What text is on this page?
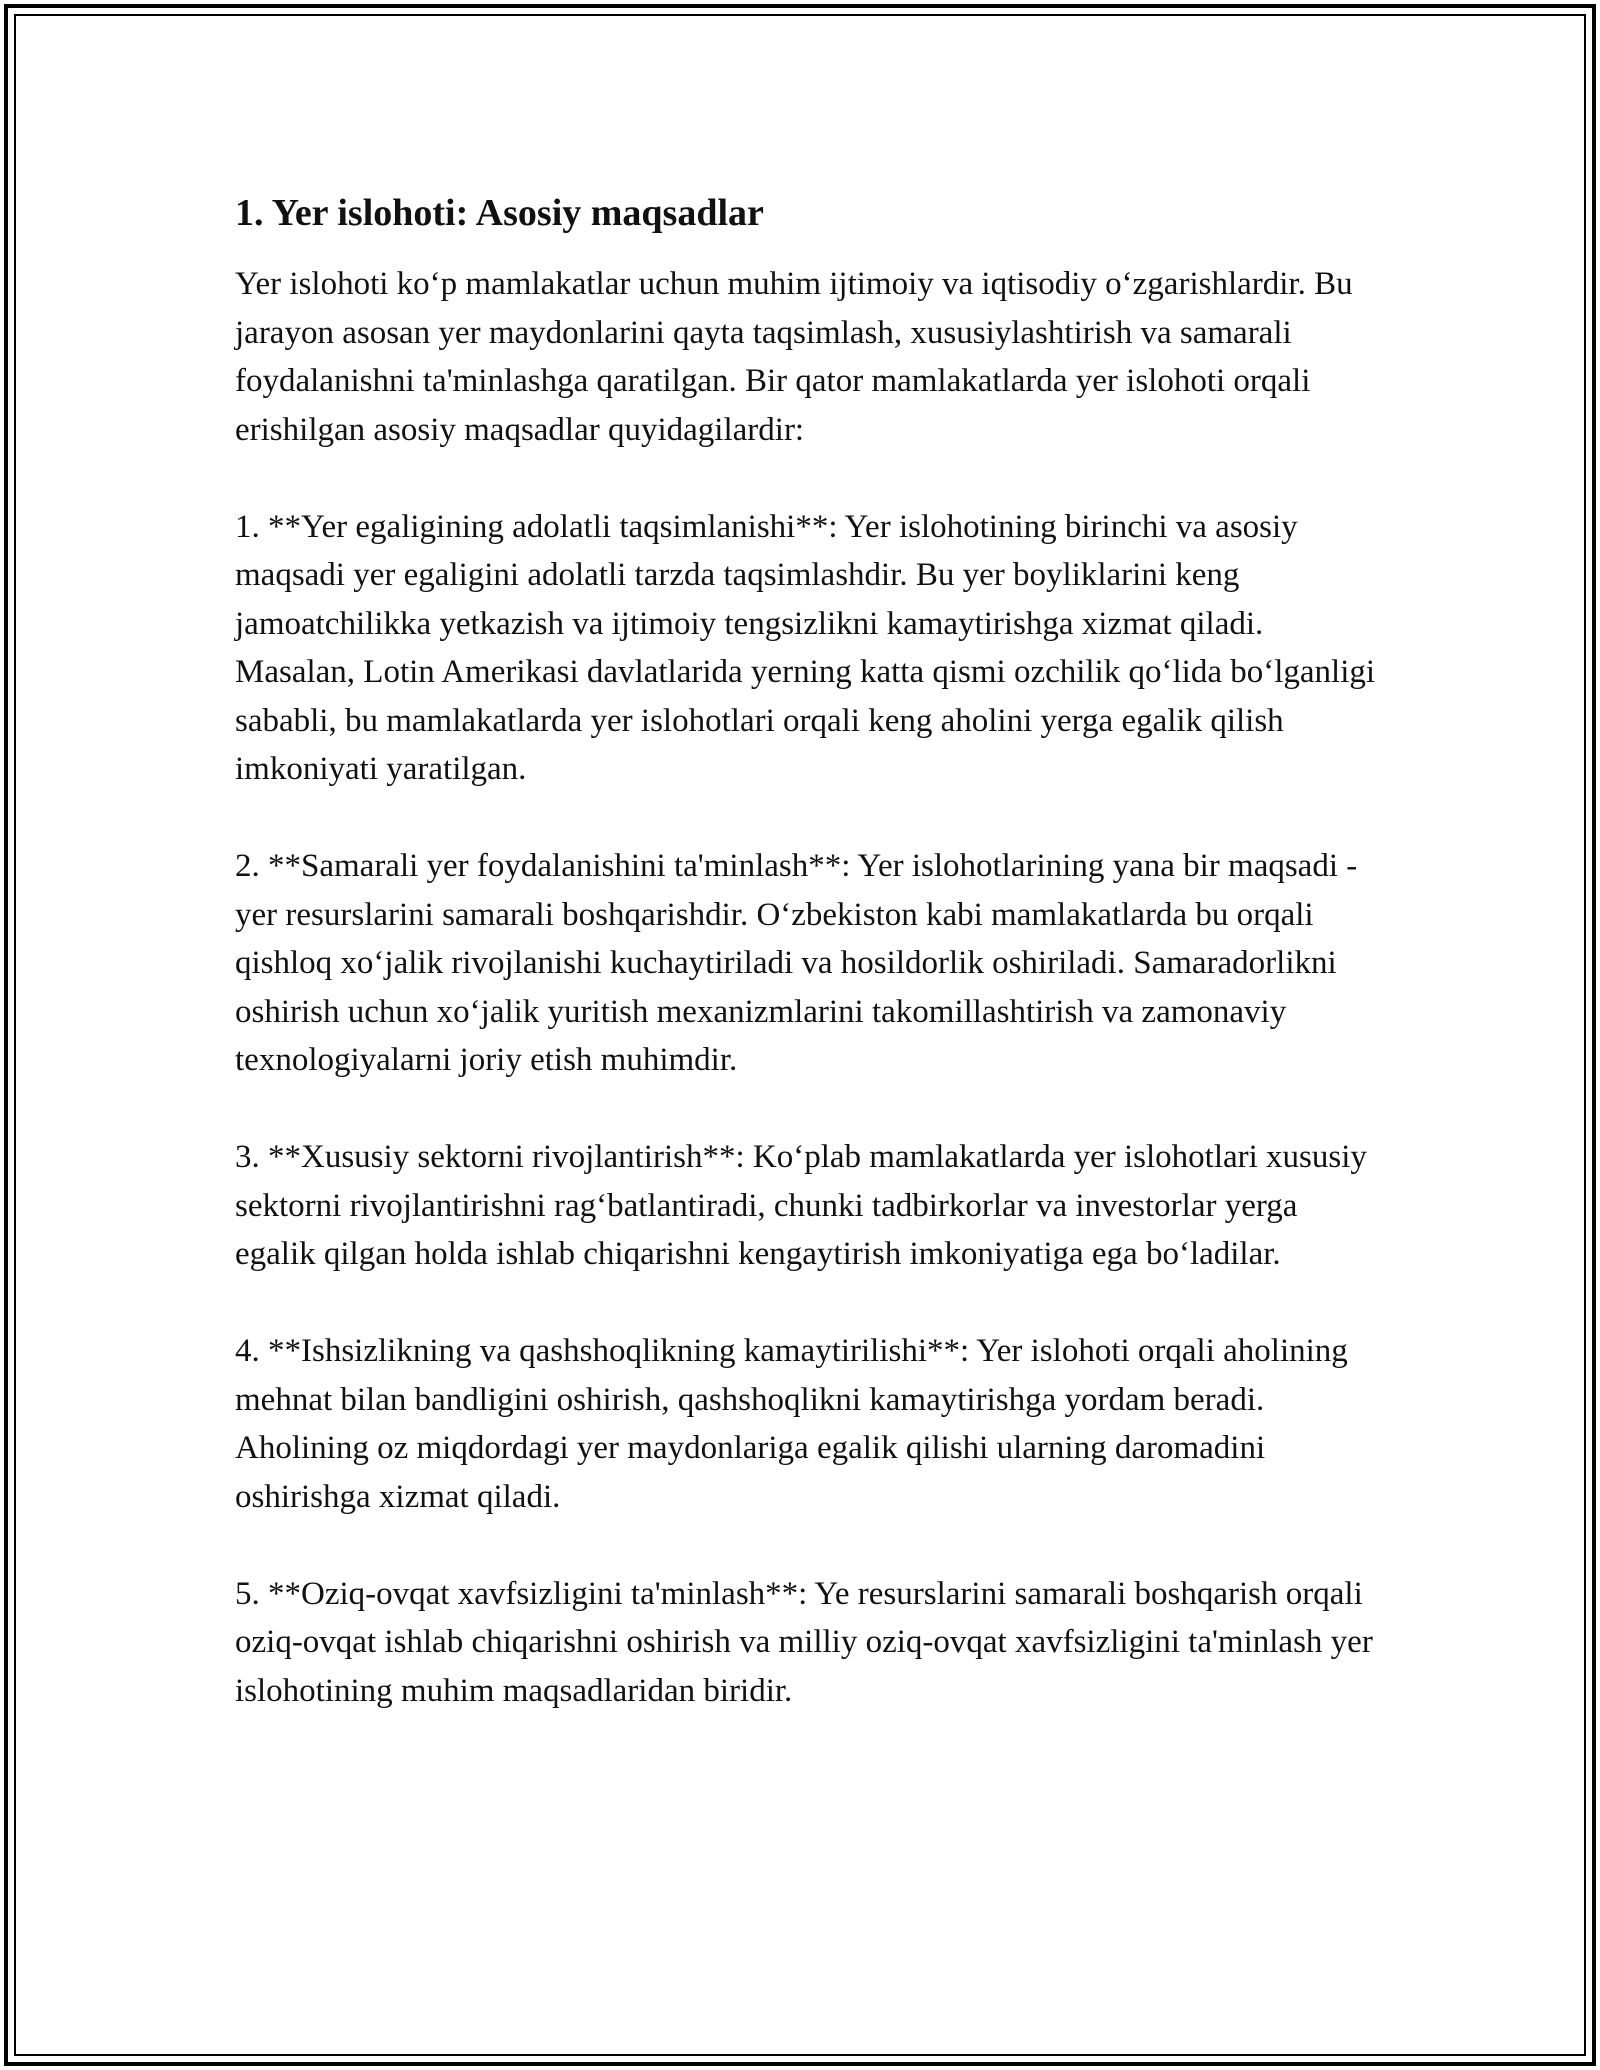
1. Yer islohoti: Asosiy maqsadlar

Yer islohoti ko‘p mamlakatlar uchun muhim ijtimoiy va iqtisodiy o‘zgarishlardir. Bu jarayon asosan yer maydonlarini qayta taqsimlash, xususiylashtirish va samarali foydalanishni ta'minlashga qaratilgan. Bir qator mamlakatlarda yer islohoti orqali erishilgan asosiy maqsadlar quyidagilardir:

1. **Yer egaligining adolatli taqsimlanishi**: Yer islohotining birinchi va asosiy maqsadi yer egaligini adolatli tarzda taqsimlashdir. Bu yer boyliklarini keng jamoatchilikka yetkazish va ijtimoiy tengsizlikni kamaytirishga xizmat qiladi. Masalan, Lotin Amerikasi davlatlarida yerning katta qismi ozchilik qo‘lida bo‘lganligi sababli, bu mamlakatlarda yer islohotlari orqali keng aholini yerga egalik qilish imkoniyati yaratilgan.

2. **Samarali yer foydalanishini ta'minlash**: Yer islohotlarining yana bir maqsadi - yer resurslarini samarali boshqarishdir. O‘zbekiston kabi mamlakatlarda bu orqali qishloq xo‘jalik rivojlanishi kuchaytiriladi va hosildorlik oshiriladi. Samaradorlikni oshirish uchun xo‘jalik yuritish mexanizmlarini takomillashtirish va zamonaviy texnologiyalarni joriy etish muhimdir.

3. **Xususiy sektorni rivojlantirish**: Ko‘plab mamlakatlarda yer islohotlari xususiy sektorni rivojlantirishni rag‘batlantiradi, chunki tadbirkorlar va investorlar yerga egalik qilgan holda ishlab chiqarishni kengaytirish imkoniyatiga ega bo‘ladilar.

4. **Ishsizlikning va qashshoqlikning kamaytirilishi**: Yer islohoti orqali aholining mehnat bilan bandligini oshirish, qashshoqlikni kamaytirishga yordam beradi. Aholining oz miqdordagi yer maydonlariga egalik qilishi ularning daromadini oshirishga xizmat qiladi.

5. **Oziq-ovqat xavfsizligini ta'minlash**: Ye resurslarini samarali boshqarish orqali oziq-ovqat ishlab chiqarishni oshirish va milliy oziq-ovqat xavfsizligini ta'minlash yer islohotining muhim maqsadlaridan biridir.
